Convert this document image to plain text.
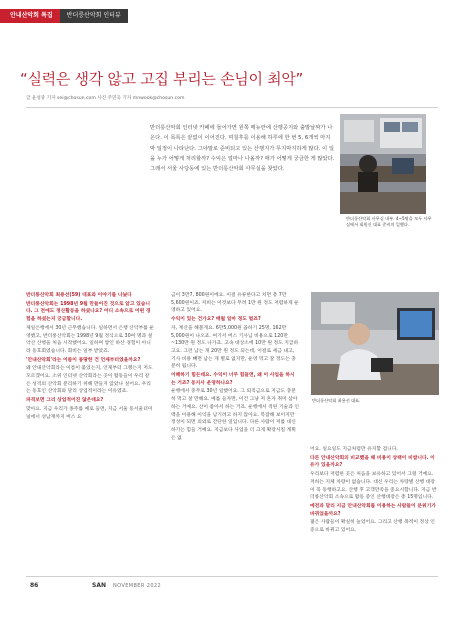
안내산악회 특집	반더룽산악회 인터뷰
“실력은 생각 않고 고집 부리는 손님이 최악”
글 윤성중 기자 sei@chosun.com 사진 주민욱 기자 mnwook@chosun.com
반더룽산악회 인터넷 카페에 들어가면 원쪽 메뉴란에 산행공지와 출발날짜가 나온다. 이 목록은 끝없이 이어진다. 며칠후를 이용해 하루에 한 번 5, 6개씩 마지막 일정이 나타난다. 그야말로 준비되고 있는 산행지가 무지막지하게 많다. 이 일을 누가 어떻게 처리할까? 수익은 얼마나 나올까? 매가 어떻게 궁금한 게 많았다. 그래서 서울 사당동에 있는 반더룽산악회 사무실을 찾았다.
반더룽산악회 사무실 내부. 4~5명을 모두 사무실에서 회원신 대표 준비의 일했다.
반더룽산악회 최용선 대표.

반더룽산악회 최용선(59) 대표와 이야기를 나눴다

반더룽산악회는 1998년 9월 만들어진 것으로 알고 있습니다. 그 전에도 정산활동을 하셨나요? 어디 소속으로 어떤 경험을 하셨는지 궁금합니다.

제일은행에서 30년 근무했습니다. 일하면서 은행 산악부를 운영했고, 반더룽산악회는 1998년 9월 정식으로 30여 명과 설악산 산행을 처음 시작했어요. 일하며 쌓인 하산 경험이 아니라 동호회였습니다. 회비는 일부 받았죠.

'안내산악회'라는 이름이 몽땅한 건 언제부터였을까요?

왜 안내산악회라는 이름이 붙었는지, 언제부터 그랬는지 저도 모르겠어요. 소위 인터넷 산악회라는 곳이 활동들이 우리 같은 성격의 산악회 분리하기 위해 만들지 않았나 싶어요. 우리는 동호인 산악회와 달리 상업적이라는 이유였죠.

파격보면 그리 상업적이진 않은데요?

맞아요. 지금 우리가 종주를 예로 들면, 지금 서울 동서울터미널에서 성남재까지 버스 요

금이 3만7, 800원이에요. 이걸 유류한다고 치면 총 7만 5,600원이죠. 저희는 이것보다 무려 1만 원 정도 저렴하게 운영하고 있어요.

수익이 있는 건가요? 매월 얼마 정도 벌죠?

자, 계산을 해볼게요. 6만5,000원 곱하기 25명, 162만 5,000원이 나오죠. 여기서 버스 기사님 비용으로 120만~130만 원 정도 나가죠. 고속 대상소에 10만 원 정도 지급하고요. 그런 남는 게 20만 원 정도 되는데, 이걸로 세금 내고, 기사 비용 빼면 남는 게 별로 없지만, 운영 먹고 잘 정도는 충분히 됩니다.

이해하기 힘든데요. 수익이 너무 힘들면, 왜 이 사업을 하시는 거죠? 동지사 운영하나요?

운행에서 충무로 30년 일했어요. 그 퇴직금으로 지금도 충분히 먹고 살 만해요. 예를 들자면, 이건 그냥 저 혼자 취미 삼아 하는 거예요. 산이 좋아서 하는 거죠. 운행에서 적된 기술과 인맥을 이용해 이익을 남기려고 하지 않아요. 복잡해 보이지만 정성이 되면 의외로 간단한 일입니다. 다른 사람이 저를 대신 하기는 힘들 거예요. 지금보다 사업을 더 크게 확장시킬 계획은 없

어요. 일요일도 지금처럼만 유지할 겁니다.

다른 안내산악회의 비교했을 때 비용이 상택이 비쌉니다. 이유가 있을까요?

우리보다 저렴한 곳은 처음을 보유하고 있어서 그럴 거예요. 저희는 지체 차량이 없습니다. 대신 우리는 차량별 산행 대장이 꼭 동행하고요. 산행 후 고객만족을 중요시합니다. 지금 반더룽산악회 소속으로 활동 중인 산행대장은 총 15명입니다.

예전과 달리 지금 안내산악회를 이용하는 사람들이 분위기가 바뀌었을까요?

젊은 사람들이 확실히 늘었어요. 그리고 산행 목적이 정상 인증으로 바뀌고 있어요.

86	SAN NOVEMBER 2022
